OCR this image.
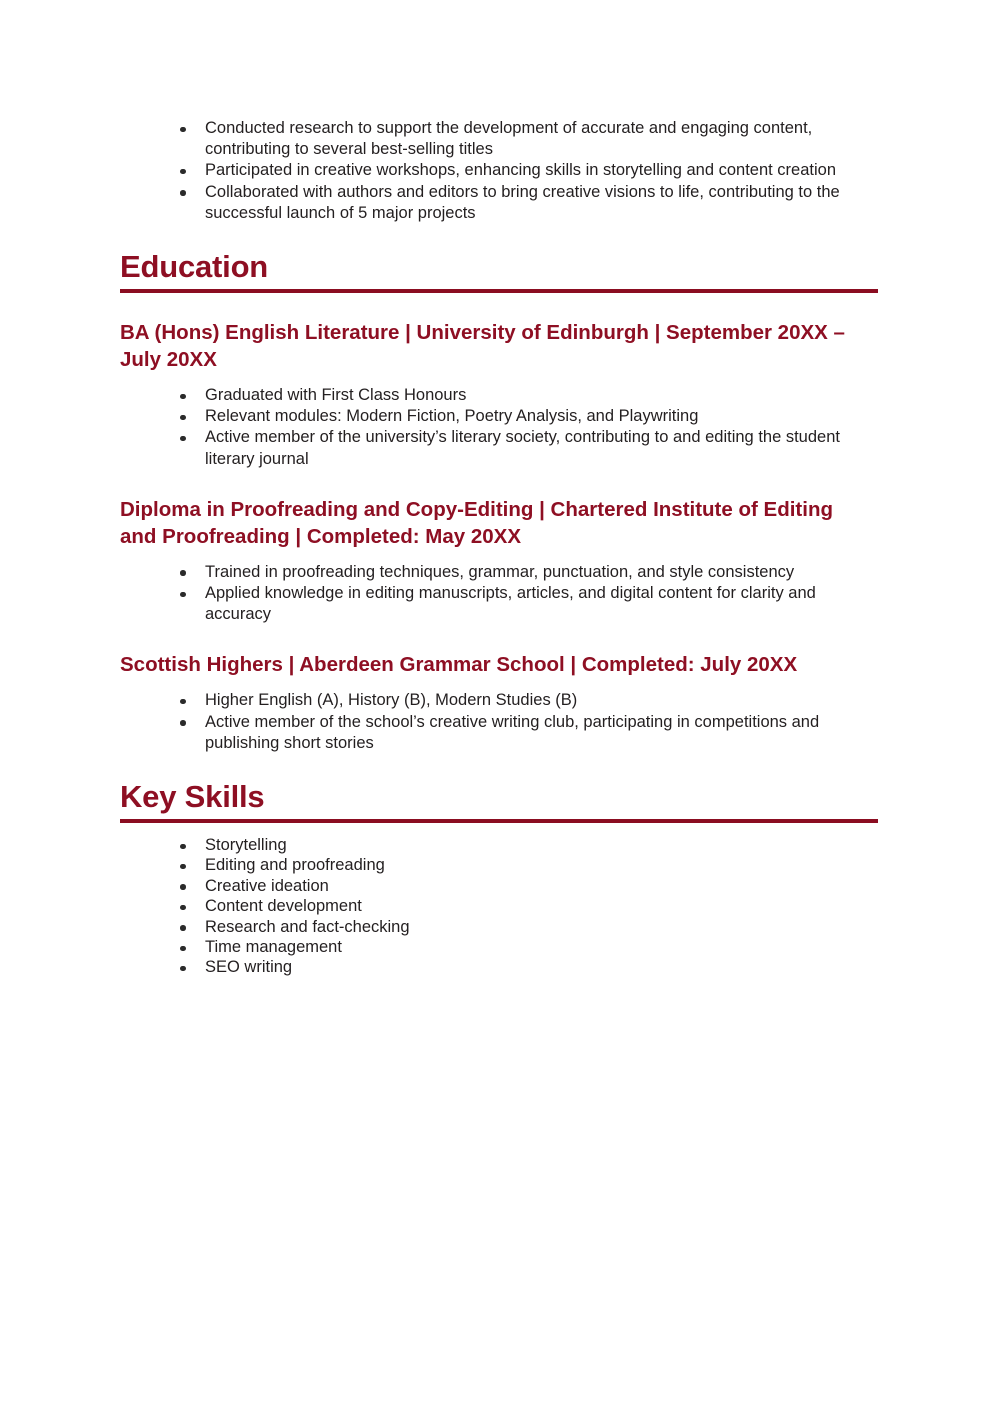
Conducted research to support the development of accurate and engaging content, contributing to several best-selling titles
Participated in creative workshops, enhancing skills in storytelling and content creation
Collaborated with authors and editors to bring creative visions to life, contributing to the successful launch of 5 major projects
Education
BA (Hons) English Literature | University of Edinburgh | September 20XX – July 20XX
Graduated with First Class Honours
Relevant modules: Modern Fiction, Poetry Analysis, and Playwriting
Active member of the university’s literary society, contributing to and editing the student literary journal
Diploma in Proofreading and Copy-Editing | Chartered Institute of Editing and Proofreading | Completed: May 20XX
Trained in proofreading techniques, grammar, punctuation, and style consistency
Applied knowledge in editing manuscripts, articles, and digital content for clarity and accuracy
Scottish Highers | Aberdeen Grammar School | Completed: July 20XX
Higher English (A), History (B), Modern Studies (B)
Active member of the school’s creative writing club, participating in competitions and publishing short stories
Key Skills
Storytelling
Editing and proofreading
Creative ideation
Content development
Research and fact-checking
Time management
SEO writing
